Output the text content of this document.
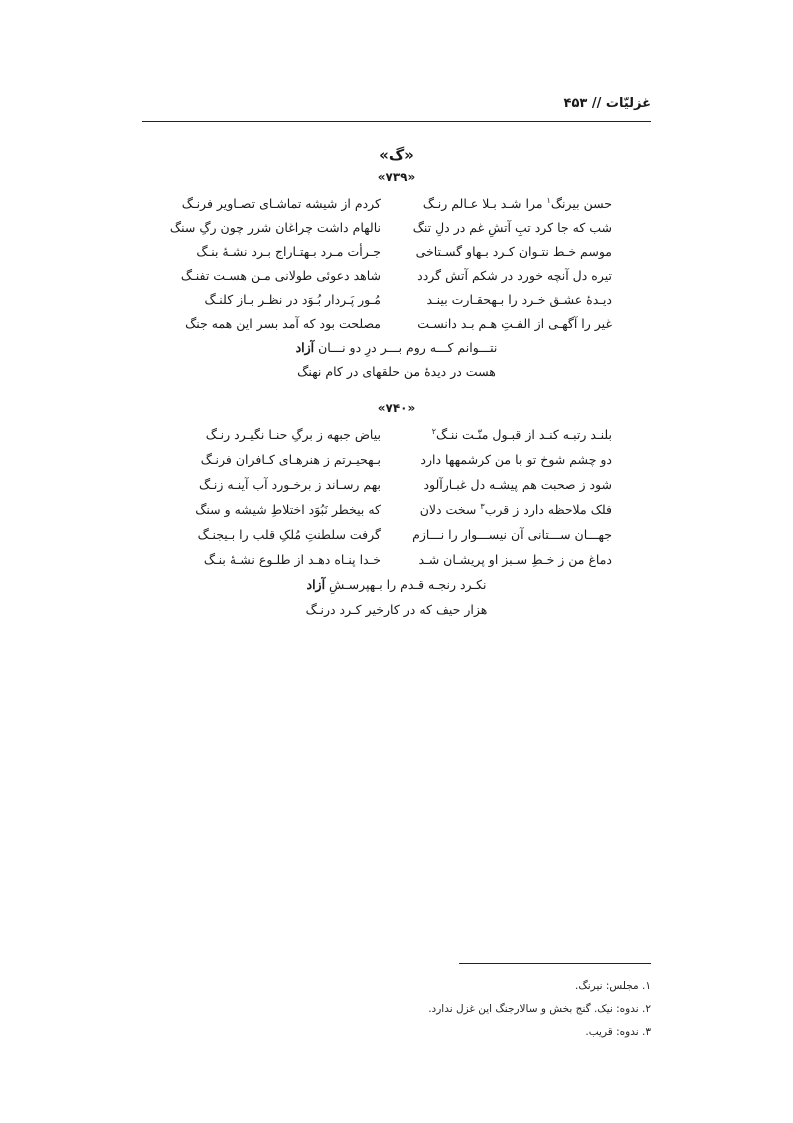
غزلیّات // ۴۵۳
«گ»
«۷۳۹»
حسن بیرنگ$^۱$ مرا شـد بـلا عـالم رنـگ
کردم از شیشه تماشـای تصـاویر فرنـگ
شب که جا کرد تبِ آتشِ غم در دلِ تنگ
نالهام داشت چراغان شرر چون رگِ سنگ
موسم خـط نتـوان کـرد بـهاو گسـتاخی
جـرأت مـرد بـهتـاراج بـرد نشـۀ بنـگ
تیره دل آنچه خورد در شکم آتش گردد
شاهد دعوئی طولانی مـن هسـت تفنـگ
دیـدۀ عشـق خـرد را بـهحقـارت بینـد
مُـور پَـردار بُـوَد در نظـر بـاز کلنـگ
غیر را آگهـی از الفـتِ هـم بـد دانسـت
مصلحت بود که آمد بسر این همه جنگ
نتـــوانم کـــه روم بـــر درِ دو نـــان آزاد
هست در دیدۀ من حلقهای در کام نهنگ
«۷۴۰»
بلنـد رتبـه کنـد از قبـول منّـت ننـگ$^۲$
بیاض جبهه ز برگِ حنـا نگیـرد رنـگ
دو چشم شوخ تو با من کرشمهها دارد
بـهحیـرتم ز هنرهـای کـافران فرنـگ
شود ز صحبت هم پیشـه دل غبـارآلود
بهم رسـاند ز برخـورد آب آینـه زنـگ
فلک ملاحظه دارد ز قرب$^۳$ سخت دلان
که بیخطر نَبُوَد اختلاطِ شیشه و سنگ
جهـــان ســـتانی آن نیســـوار را نـــازم
گرفت سلطنتِ مُلکِ قلب را بـیجنـگ
دماغ من ز خـطِ سـبز او پریشـان شـد
خـدا پنـاه دهـد از طلـوع نشـۀ بنـگ
نکـرد رنجـه قـدم را بـهپرسـشِ آزاد
هزار حیف که در کارخیر کـرد درنـگ
۱. مجلس: نیرنگ.
۲. ندوه: نیک. گنج بخش و سالارجنگ این غزل ندارد.
۳. ندوه: قریب.
